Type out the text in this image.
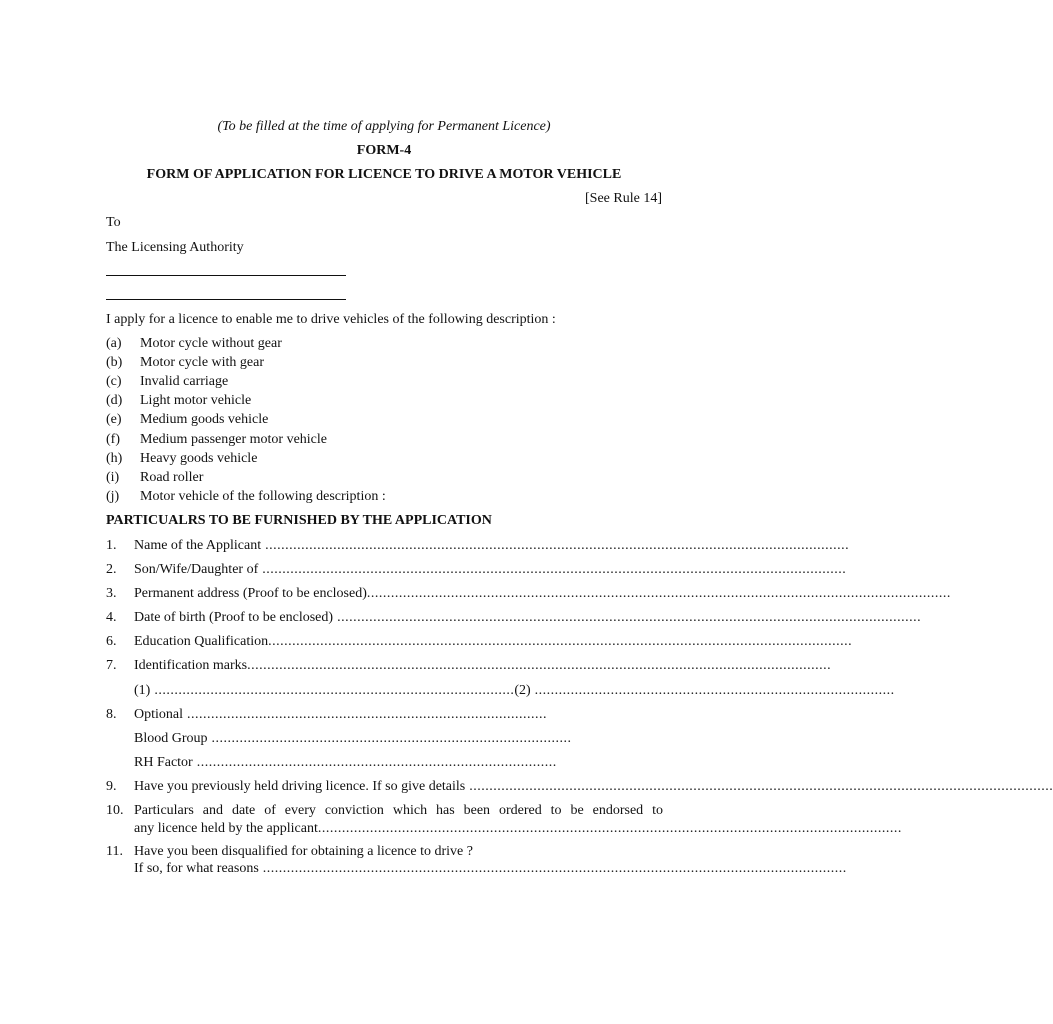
(To be filled at the time of applying for Permanent Licence)
FORM-4
FORM OF APPLICATION FOR LICENCE TO DRIVE A MOTOR VEHICLE
[See Rule 14]
To
The Licensing Authority
I apply for a licence to enable me to drive vehicles of the following description :
(a) Motor cycle without gear
(b) Motor cycle with gear
(c) Invalid carriage
(d) Light motor vehicle
(e) Medium goods vehicle
(f) Medium passenger motor vehicle
(h) Heavy goods vehicle
(i) Road roller
(j) Motor vehicle of the following description :
PARTICUALRS TO BE FURNISHED BY THE APPLICATION
1. Name of the Applicant ..................................................................................................................................................
2. Son/Wife/Daughter of ..................................................................................................................................................
3. Permanent address (Proof to be enclosed) ..................................................................................................................................................
4. Date of birth (Proof to be enclosed) ..................................................................................................................................................
6. Education Qualification ..................................................................................................................................................
7. Identification marks ..................................................................................................................................................
(1) .......................................................................................... (2) ..........................................................................................
8. Optional ..........................................................................................
Blood Group ..........................................................................................
RH Factor ..........................................................................................
9. Have you previously held driving licence. If so give details ..................................................................................................................................................
10. Particulars and date of every conviction which has been ordered to be endorsed to
any licence held by the applicant ..................................................................................................................................................
11. Have you been disqualified for obtaining a licence to drive ?
If so, for what reasons ..................................................................................................................................................
